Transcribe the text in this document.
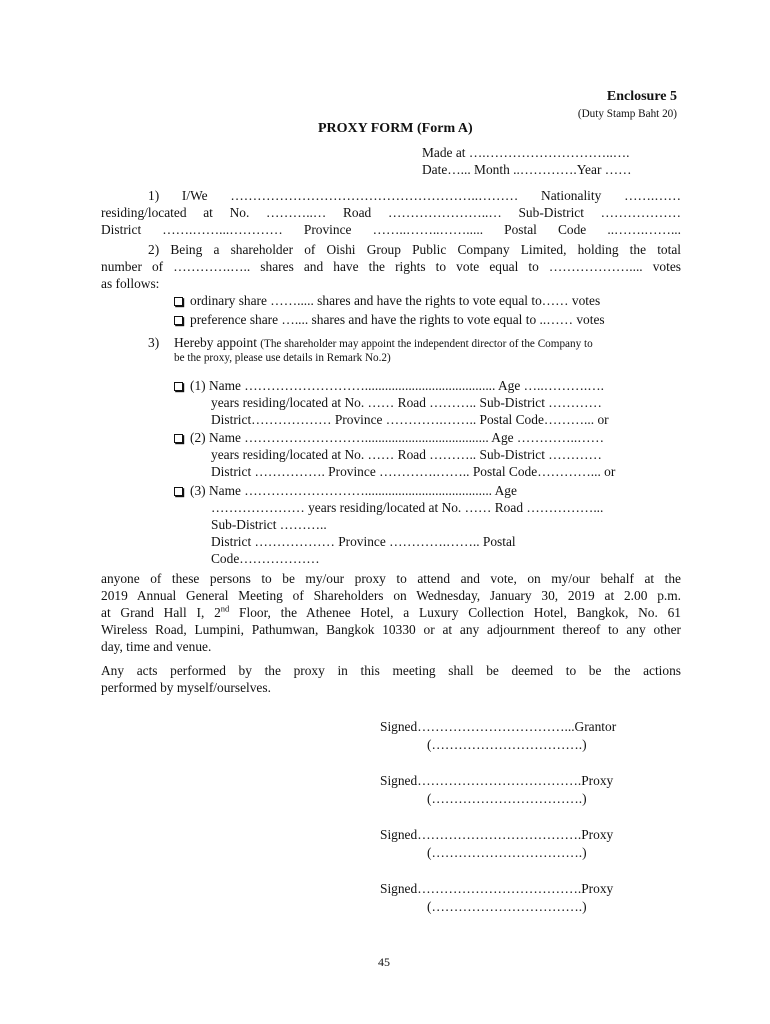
Enclosure 5
(Duty Stamp Baht 20)
PROXY FORM (Form A)
Made at ….………………………..….
Date…... Month ..………….Year ……
1) I/We ………………………………………………..……… Nationality …….……
residing/located at No. ………..… Road …………………..… Sub-District ………………
District …….……...………… Province ……..……..……..... Postal Code ..…….……...
2) Being a shareholder of Oishi Group Public Company Limited, holding the total
number of ………….….. shares and have the rights to vote equal to ……………….... votes
as follows:
ordinary share ……..... shares and have the rights to vote equal to…… votes
preference share ….... shares and have the rights to vote equal to ..…… votes
3) Hereby appoint (The shareholder may appoint the independent director of the Company to
be the proxy, please use details in Remark No.2)
(1) Name ………………………....................................... Age …..……….….
years residing/located at No. …… Road ……….. Sub-District …………
District……………… Province ………….…….. Postal Code………... or
(2) Name ………………………..................................... Age …………..……
years residing/located at No. …… Road ……….. Sub-District …………
District ……………. Province ………….…….. Postal Code…………... or
(3) Name ………………………...................................... Age
………………… years residing/located at No. …… Road ……………...
Sub-District ………..
District ……………… Province ………….…….. Postal
Code………………
anyone of these persons to be my/our proxy to attend and vote, on my/our behalf at the
2019 Annual General Meeting of Shareholders on Wednesday, January 30, 2019 at 2.00 p.m.
at Grand Hall I, 2nd Floor, the Athenee Hotel, a Luxury Collection Hotel, Bangkok, No. 61
Wireless Road, Lumpini, Pathumwan, Bangkok 10330 or at any adjournment thereof to any other
day, time and venue.
Any acts performed by the proxy in this meeting shall be deemed to be the actions
performed by myself/ourselves.
Signed……………………………...Grantor
(…………………………….)
Signed……………………………….Proxy
(…………………………….)
Signed……………………………….Proxy
(…………………………….)
Signed……………………………….Proxy
(…………………………….)
45
